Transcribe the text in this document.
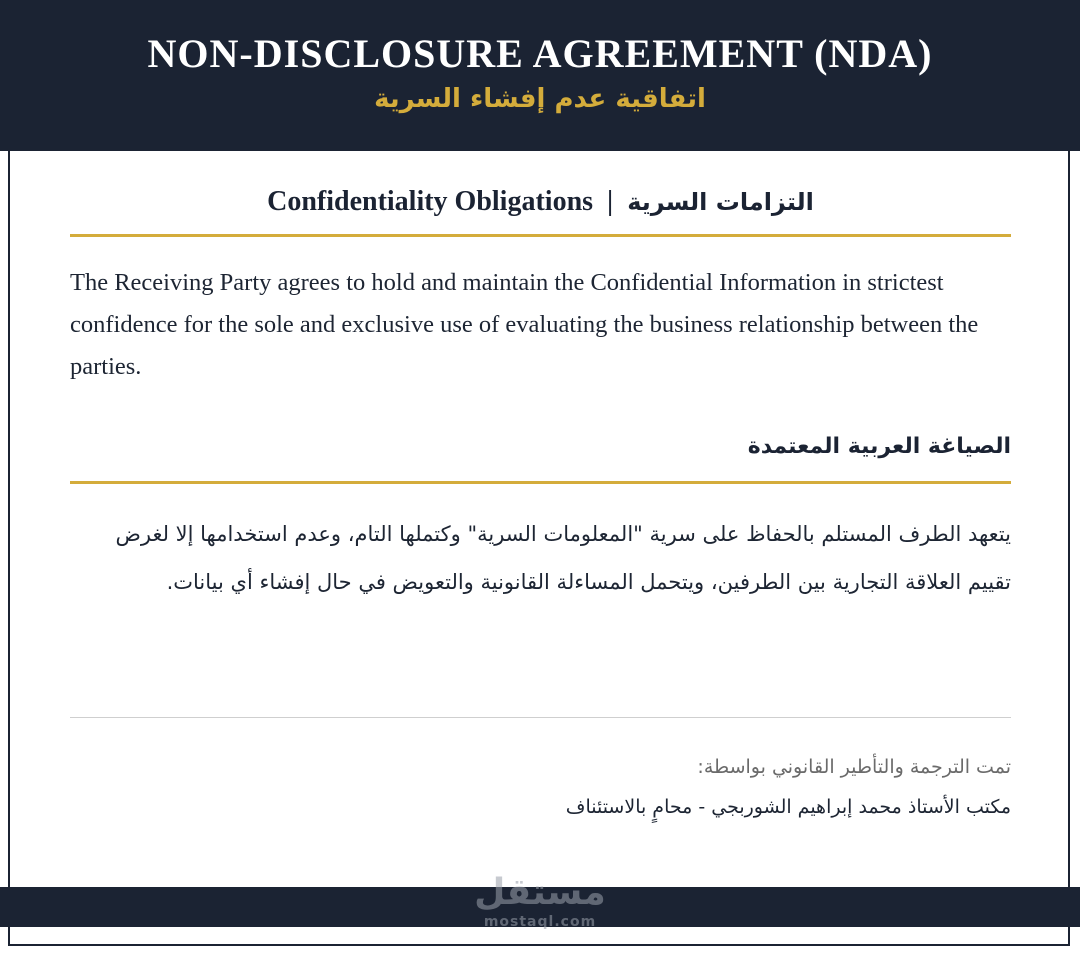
NON-DISCLOSURE AGREEMENT (NDA)
اتفاقية عدم إفشاء السرية
Confidentiality Obligations | التزامات السرية
The Receiving Party agrees to hold and maintain the Confidential Information in strictest confidence for the sole and exclusive use of evaluating the business relationship between the parties.
الصياغة العربية المعتمدة
يتعهد الطرف المستلم بالحفاظ على سرية "المعلومات السرية" وكتملها التام، وعدم استخدامها إلا لغرض تقييم العلاقة التجارية بين الطرفين، ويتحمل المساءلة القانونية والتعويض في حال إفشاء أي بيانات.
تمت الترجمة والتأطير القانوني بواسطة:
مكتب الأستاذ محمد إبراهيم الشوربجي - محامٍ بالاستئناف
مستقل
mostaql.com
